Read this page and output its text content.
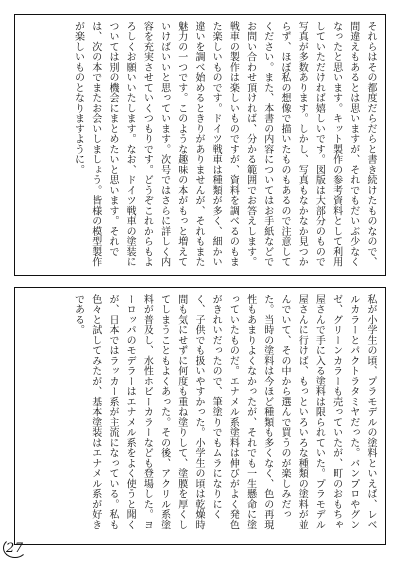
それらはその都度だらだらと書き続けたものなので、間違えもあるとは思いますが、それでもだいぶ少なくなったと思います。キット製作の参考資料として利用していただければ嬉しいです。図版は大部分のもので写真が多数あります。しかし、写真もなかなか見つからず、ほぼ私の想像で描いたものもあるので注意してください。また、本書の内容についてはお手紙などでお問い合わせ頂ければ、分かる範囲でお答えします。戦車の製作は楽しいものですが、資料を調べるのもまた楽しいものです。ドイツ戦車は種類が多く、細かい違いを調べ始めるときりがありませんが、それもまた魅力の一つです。このような趣味の本がもっと増えていけばいいと思っています。次号ではさらに詳しく内容を充実させていくつもりです。どうぞこれからもよろしくお願いいたします。なお、ドイツ戦車の塗装については別の機会にまとめたいと思います。それでは、次の本でまたお会いしましょう。皆様の模型製作が楽しいものとなりますように。
私が小学生の頃、プラモデルの塗料といえば、レベルカラーとパクトラタミヤだった。バンプロやグンゼ、グリーンカラーも売っていたが、町のおもちゃ屋さんで手に入る塗料は限られていた。プラモデル屋さんに行けば、もっといろいろな種類の塗料が並んでいて、その中から選んで買うのが楽しみだった。当時の塗料は今ほど種類も多くなく、色の再現性もあまりよくなかったが、それでも一生懸命に塗っていたものだ。エナメル系塗料は伸びがよく発色がきれいだったので、筆塗りでもムラになりにくく、子供でも扱いやすかった。小学生の頃は乾燥時間も気にせずに何度も重ね塗りして、塗膜を厚くしてしまうこともよくあった。その後、アクリル系塗料が普及し、水性ホビーカラーなども登場した。ヨーロッパのモデラーはエナメル系をよく使うと聞くが、日本ではラッカー系が主流になっている。私も色々と試してみたが、基本塗装はエナメル系が好きである。
27
